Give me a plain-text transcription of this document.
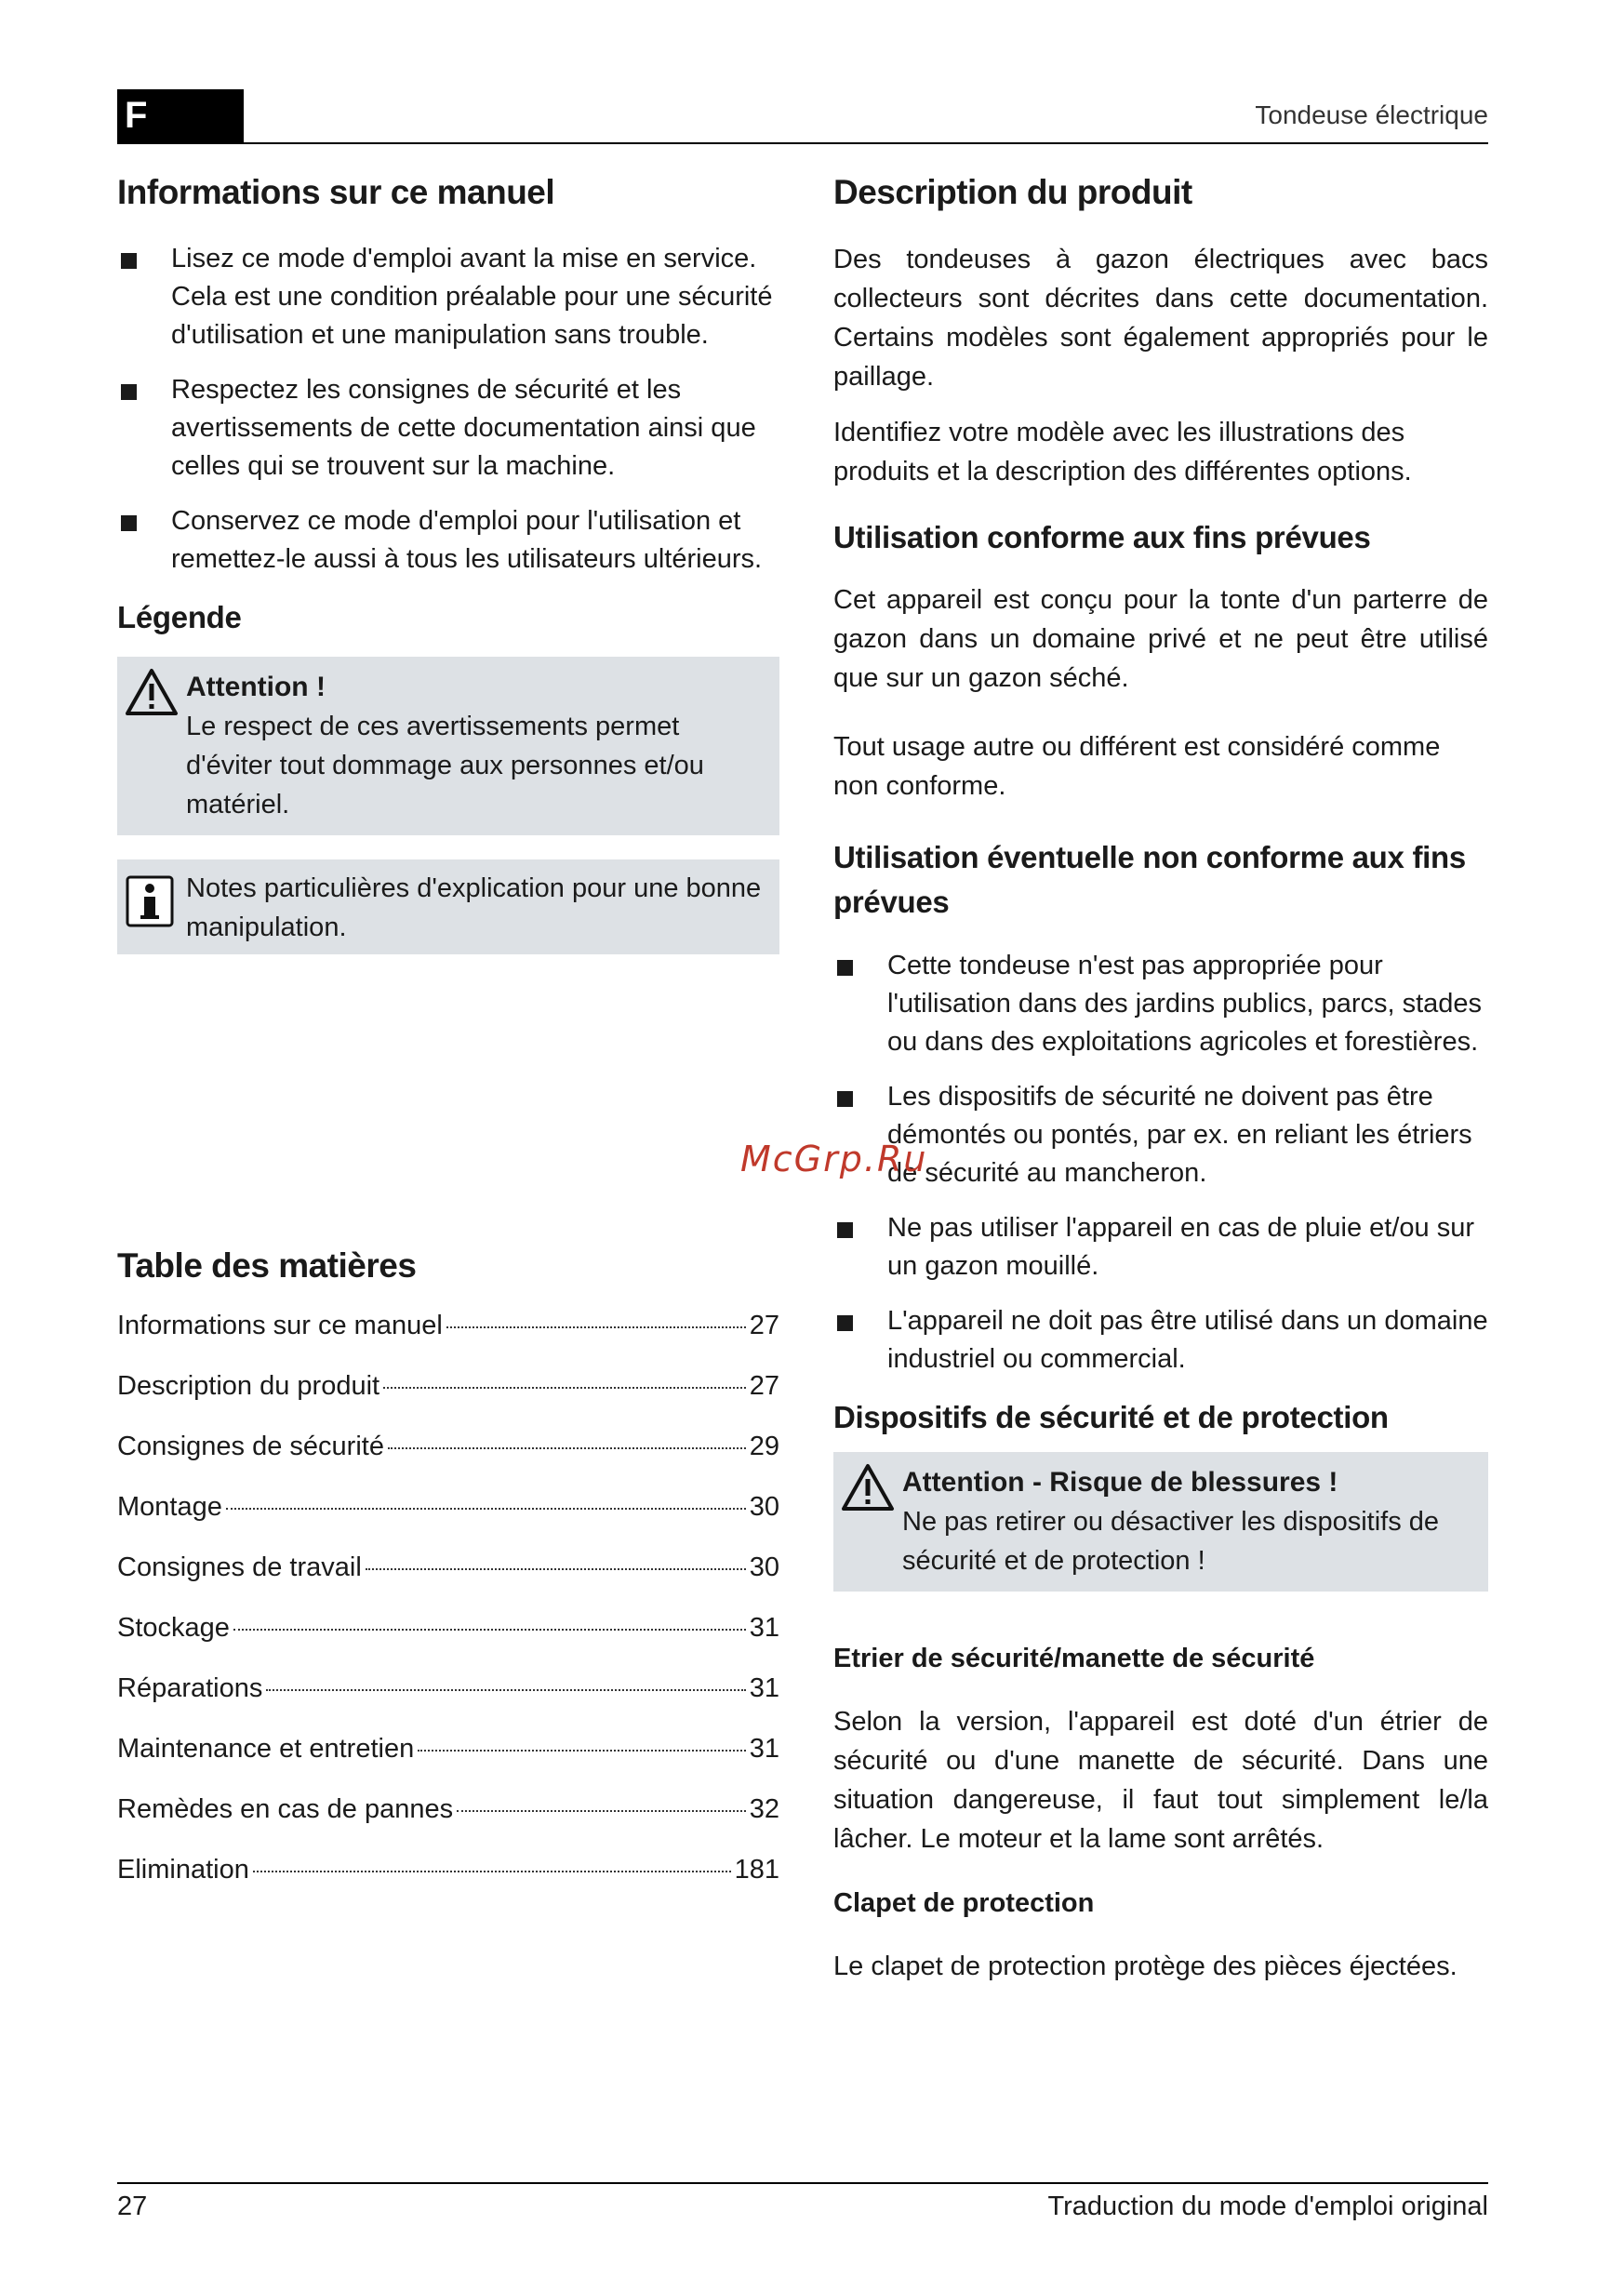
F	Tondeuse électrique
Informations sur ce manuel
Lisez ce mode d'emploi avant la mise en service. Cela est une condition préalable pour une sécurité d'utilisation et une manipulation sans trouble.
Respectez les consignes de sécurité et les avertissements de cette documentation ainsi que celles qui se trouvent sur la machine.
Conservez ce mode d'emploi pour l'utilisation et remettez-le aussi à tous les utilisateurs ultérieurs.
Légende
Attention !
Le respect de ces avertissements permet d'éviter tout dommage aux personnes et/ou matériel.
Notes particulières d'explication pour une bonne manipulation.
Table des matières
Informations sur ce manuel	27
Description du produit	27
Consignes de sécurité	29
Montage	30
Consignes de travail	30
Stockage	31
Réparations	31
Maintenance et entretien	31
Remèdes en cas de pannes	32
Elimination	181
Description du produit

Des tondeuses à gazon électriques avec bacs collecteurs sont décrites dans cette documentation. Certains modèles sont également appropriés pour le paillage.

Identifiez votre modèle avec les illustrations des produits et la description des différentes options.

Utilisation conforme aux fins prévues

Cet appareil est conçu pour la tonte d'un parterre de gazon dans un domaine privé et ne peut être utilisé que sur un gazon séché.

Tout usage autre ou différent est considéré comme non conforme.

Utilisation éventuelle non conforme aux fins prévues
Cette tondeuse n'est pas appropriée pour l'utilisation dans des jardins publics, parcs, stades ou dans des exploitations agricoles et forestières.
Les dispositifs de sécurité ne doivent pas être démontés ou pontés, par ex. en reliant les étriers de sécurité au mancheron.
Ne pas utiliser l'appareil en cas de pluie et/ou sur un gazon mouillé.
L'appareil ne doit pas être utilisé dans un domaine industriel ou commercial.
Dispositifs de sécurité et de protection
Attention - Risque de blessures !
Ne pas retirer ou désactiver les dispositifs de sécurité et de protection !
Etrier de sécurité/manette de sécurité

Selon la version, l'appareil est doté d'un étrier de sécurité ou d'une manette de sécurité. Dans une situation dangereuse, il faut tout simplement le/la lâcher. Le moteur et la lame sont arrêtés.

Clapet de protection

Le clapet de protection protège des pièces éjectées.

McGrp.Ru
27	Traduction du mode d'emploi original
